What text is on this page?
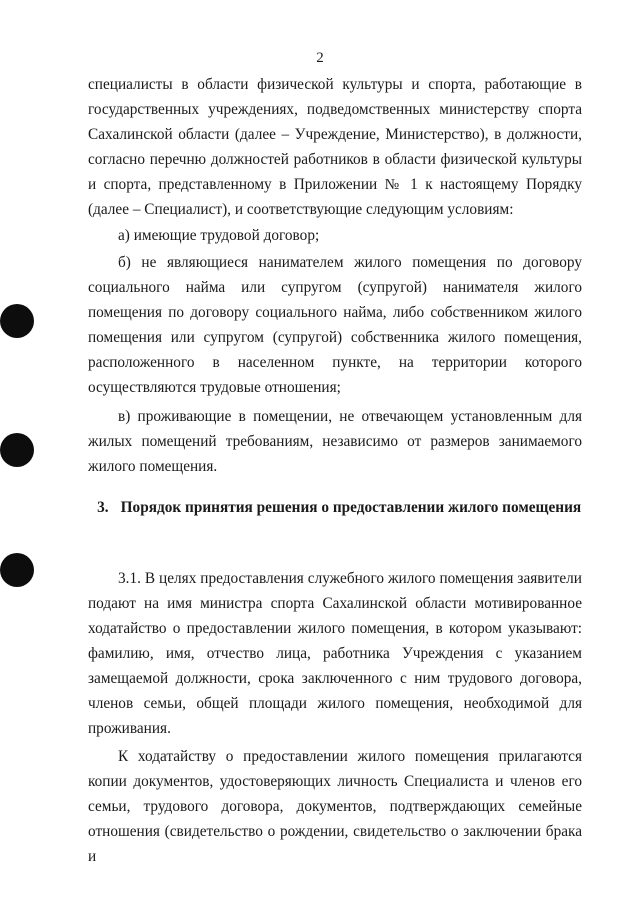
2

специалисты в области физической культуры и спорта, работающие в государственных учреждениях, подведомственных министерству спорта Сахалинской области (далее – Учреждение, Министерство), в должности, согласно перечню должностей работников в области физической культуры и спорта, представленному в Приложении № 1 к настоящему Порядку (далее – Специалист), и соответствующие следующим условиям:

а) имеющие трудовой договор;

б) не являющиеся нанимателем жилого помещения по договору социального найма или супругом (супругой) нанимателя жилого помещения по договору социального найма, либо собственником жилого помещения или супругом (супругой) собственника жилого помещения, расположенного в населенном пункте, на территории которого осуществляются трудовые отношения;

в) проживающие в помещении, не отвечающем установленным для жилых помещений требованиям, независимо от размеров занимаемого жилого помещения.

3. Порядок принятия решения о предоставлении жилого помещения

3.1. В целях предоставления служебного жилого помещения заявители подают на имя министра спорта Сахалинской области мотивированное ходатайство о предоставлении жилого помещения, в котором указывают: фамилию, имя, отчество лица, работника Учреждения с указанием замещаемой должности, срока заключенного с ним трудового договора, членов семьи, общей площади жилого помещения, необходимой для проживания.

К ходатайству о предоставлении жилого помещения прилагаются копии документов, удостоверяющих личность Специалиста и членов его семьи, трудового договора, документов, подтверждающих семейные отношения (свидетельство о рождении, свидетельство о заключении брака и
